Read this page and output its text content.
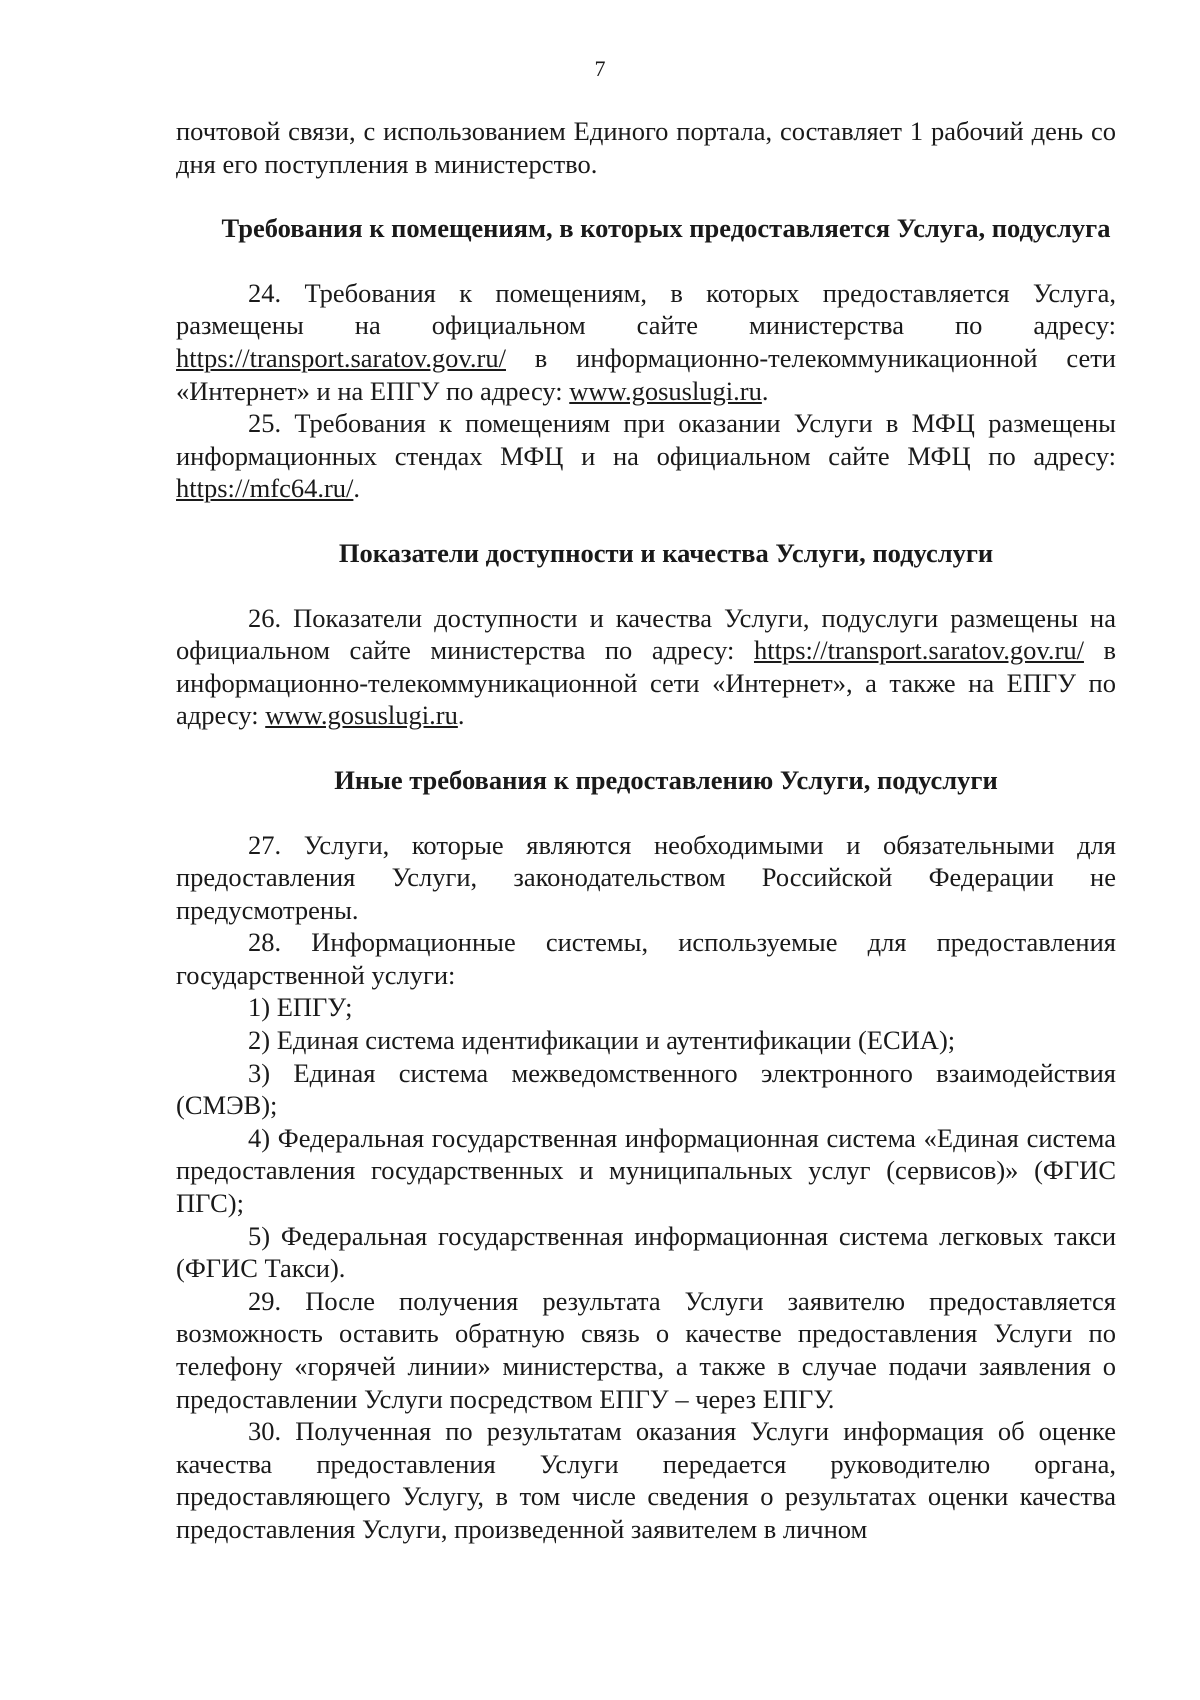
7

почтовой связи, с использованием Единого портала, составляет 1 рабочий день со дня его поступления в министерство.

Требования к помещениям, в которых предоставляется Услуга, подуслуга

24. Требования к помещениям, в которых предоставляется Услуга, размещены на официальном сайте министерства по адресу: https://transport.saratov.gov.ru/ в информационно-телекоммуникационной сети «Интернет» и на ЕПГУ по адресу: www.gosuslugi.ru.

25. Требования к помещениям при оказании Услуги в МФЦ размещены информационных стендах МФЦ и на официальном сайте МФЦ по адресу: https://mfc64.ru/.

Показатели доступности и качества Услуги, подуслуги

26. Показатели доступности и качества Услуги, подуслуги размещены на официальном сайте министерства по адресу: https://transport.saratov.gov.ru/ в информационно-телекоммуникационной сети «Интернет», а также на ЕПГУ по адресу: www.gosuslugi.ru.

Иные требования к предоставлению Услуги, подуслуги

27. Услуги, которые являются необходимыми и обязательными для предоставления Услуги, законодательством Российской Федерации не предусмотрены.

28. Информационные системы, используемые для предоставления государственной услуги:

1) ЕПГУ;

2) Единая система идентификации и аутентификации (ЕСИА);

3) Единая система межведомственного электронного взаимодействия (СМЭВ);

4) Федеральная государственная информационная система «Единая система предоставления государственных и муниципальных услуг (сервисов)» (ФГИС ПГС);

5) Федеральная государственная информационная система легковых такси (ФГИС Такси).

29. После получения результата Услуги заявителю предоставляется возможность оставить обратную связь о качестве предоставления Услуги по телефону «горячей линии» министерства, а также в случае подачи заявления о предоставлении Услуги посредством ЕПГУ – через ЕПГУ.

30. Полученная по результатам оказания Услуги информация об оценке качества предоставления Услуги передается руководителю органа, предоставляющего Услугу, в том числе сведения о результатах оценки качества предоставления Услуги, произведенной заявителем в личном
